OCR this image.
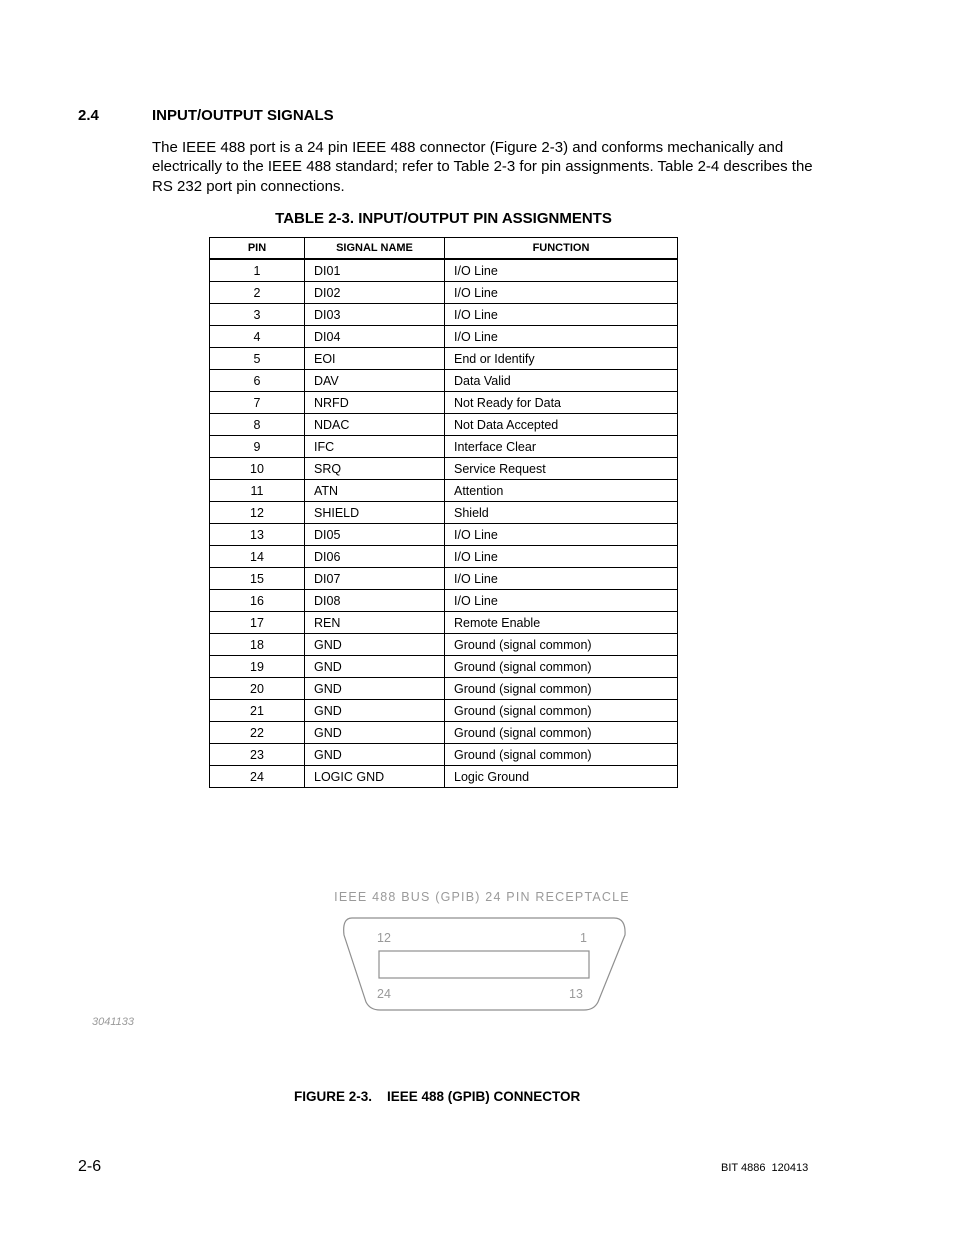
2.4	INPUT/OUTPUT SIGNALS
The IEEE 488 port is a 24 pin IEEE 488 connector (Figure 2-3) and conforms mechanically and electrically to the IEEE 488 standard; refer to Table 2-3 for pin assignments. Table 2-4 describes the RS 232 port pin connections.
TABLE 2-3. INPUT/OUTPUT PIN ASSIGNMENTS
PIN	SIGNAL NAME	FUNCTION
1	DI01	I/O Line
2	DI02	I/O Line
3	DI03	I/O Line
4	DI04	I/O Line
5	EOI	End or Identify
6	DAV	Data Valid
7	NRFD	Not Ready for Data
8	NDAC	Not Data Accepted
9	IFC	Interface Clear
10	SRQ	Service Request
11	ATN	Attention
12	SHIELD	Shield
13	DI05	I/O Line
14	DI06	I/O Line
15	DI07	I/O Line
16	DI08	I/O Line
17	REN	Remote Enable
18	GND	Ground (signal common)
19	GND	Ground (signal common)
20	GND	Ground (signal common)
21	GND	Ground (signal common)
22	GND	Ground (signal common)
23	GND	Ground (signal common)
24	LOGIC GND	Logic Ground
IEEE 488 BUS (GPIB) 24 PIN RECEPTACLE
12	1
24	13
3041133
FIGURE 2-3.    IEEE 488 (GPIB) CONNECTOR
2-6	BIT 4886  120413
